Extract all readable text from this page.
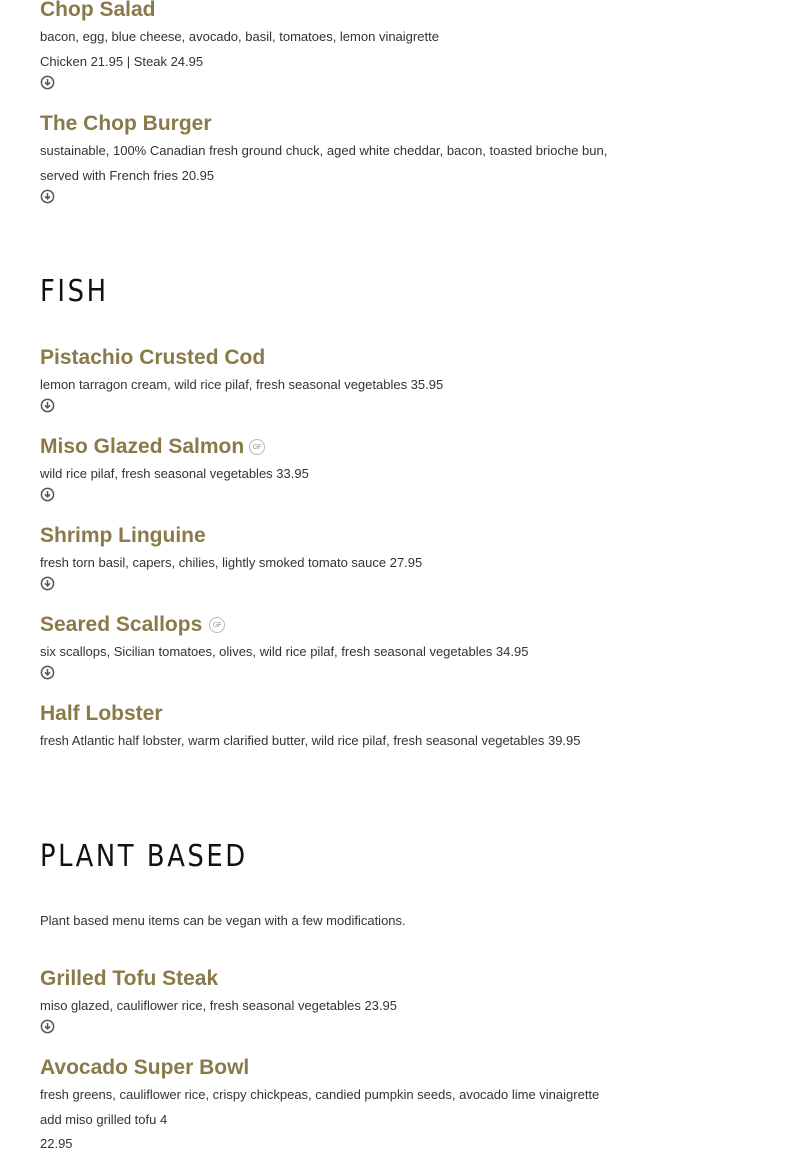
Chop Salad
bacon, egg, blue cheese, avocado, basil, tomatoes, lemon vinaigrette
Chicken 21.95 | Steak 24.95
The Chop Burger
sustainable, 100% Canadian fresh ground chuck, aged white cheddar, bacon, toasted brioche bun,
served with French fries 20.95
FISH
Pistachio Crusted Cod
lemon tarragon cream, wild rice pilaf, fresh seasonal vegetables 35.95
Miso Glazed Salmon	GF
wild rice pilaf, fresh seasonal vegetables 33.95
Shrimp Linguine
fresh torn basil, capers, chilies, lightly smoked tomato sauce 27.95
Seared Scallops	GF
six scallops, Sicilian tomatoes, olives, wild rice pilaf, fresh seasonal vegetables 34.95
Half Lobster
fresh Atlantic half lobster, warm clarified butter, wild rice pilaf, fresh seasonal vegetables 39.95
PLANT BASED
Plant based menu items can be vegan with a few modifications.
Grilled Tofu Steak
miso glazed, cauliflower rice, fresh seasonal vegetables 23.95
Avocado Super Bowl
fresh greens, cauliflower rice, crispy chickpeas, candied pumpkin seeds, avocado lime vinaigrette
add miso grilled tofu 4
22.95
